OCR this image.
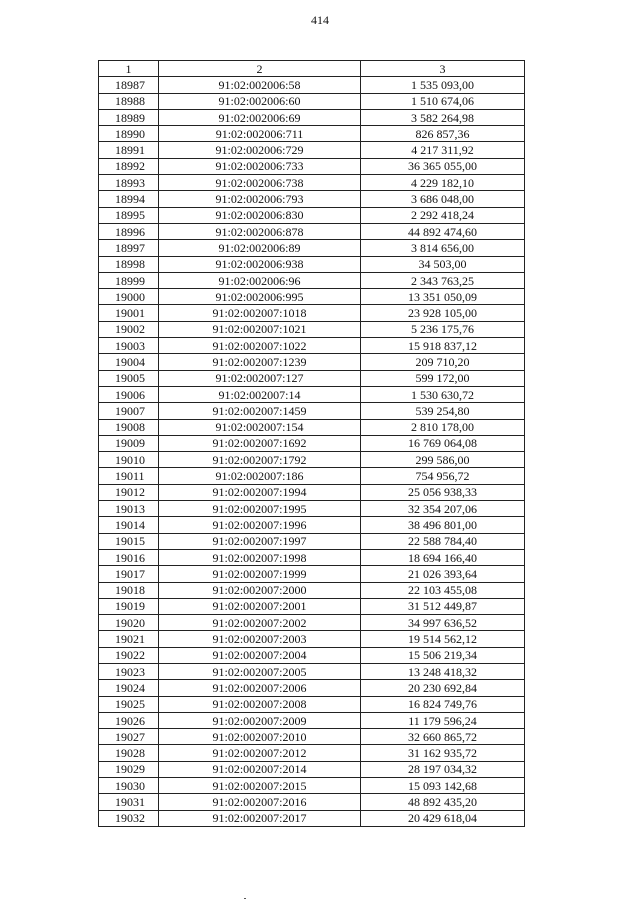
414
1	2	3
18987	91:02:002006:58	1 535 093,00
18988	91:02:002006:60	1 510 674,06
18989	91:02:002006:69	3 582 264,98
18990	91:02:002006:711	826 857,36
18991	91:02:002006:729	4 217 311,92
18992	91:02:002006:733	36 365 055,00
18993	91:02:002006:738	4 229 182,10
18994	91:02:002006:793	3 686 048,00
18995	91:02:002006:830	2 292 418,24
18996	91:02:002006:878	44 892 474,60
18997	91:02:002006:89	3 814 656,00
18998	91:02:002006:938	34 503,00
18999	91:02:002006:96	2 343 763,25
19000	91:02:002006:995	13 351 050,09
19001	91:02:002007:1018	23 928 105,00
19002	91:02:002007:1021	5 236 175,76
19003	91:02:002007:1022	15 918 837,12
19004	91:02:002007:1239	209 710,20
19005	91:02:002007:127	599 172,00
19006	91:02:002007:14	1 530 630,72
19007	91:02:002007:1459	539 254,80
19008	91:02:002007:154	2 810 178,00
19009	91:02:002007:1692	16 769 064,08
19010	91:02:002007:1792	299 586,00
19011	91:02:002007:186	754 956,72
19012	91:02:002007:1994	25 056 938,33
19013	91:02:002007:1995	32 354 207,06
19014	91:02:002007:1996	38 496 801,00
19015	91:02:002007:1997	22 588 784,40
19016	91:02:002007:1998	18 694 166,40
19017	91:02:002007:1999	21 026 393,64
19018	91:02:002007:2000	22 103 455,08
19019	91:02:002007:2001	31 512 449,87
19020	91:02:002007:2002	34 997 636,52
19021	91:02:002007:2003	19 514 562,12
19022	91:02:002007:2004	15 506 219,34
19023	91:02:002007:2005	13 248 418,32
19024	91:02:002007:2006	20 230 692,84
19025	91:02:002007:2008	16 824 749,76
19026	91:02:002007:2009	11 179 596,24
19027	91:02:002007:2010	32 660 865,72
19028	91:02:002007:2012	31 162 935,72
19029	91:02:002007:2014	28 197 034,32
19030	91:02:002007:2015	15 093 142,68
19031	91:02:002007:2016	48 892 435,20
19032	91:02:002007:2017	20 429 618,04
